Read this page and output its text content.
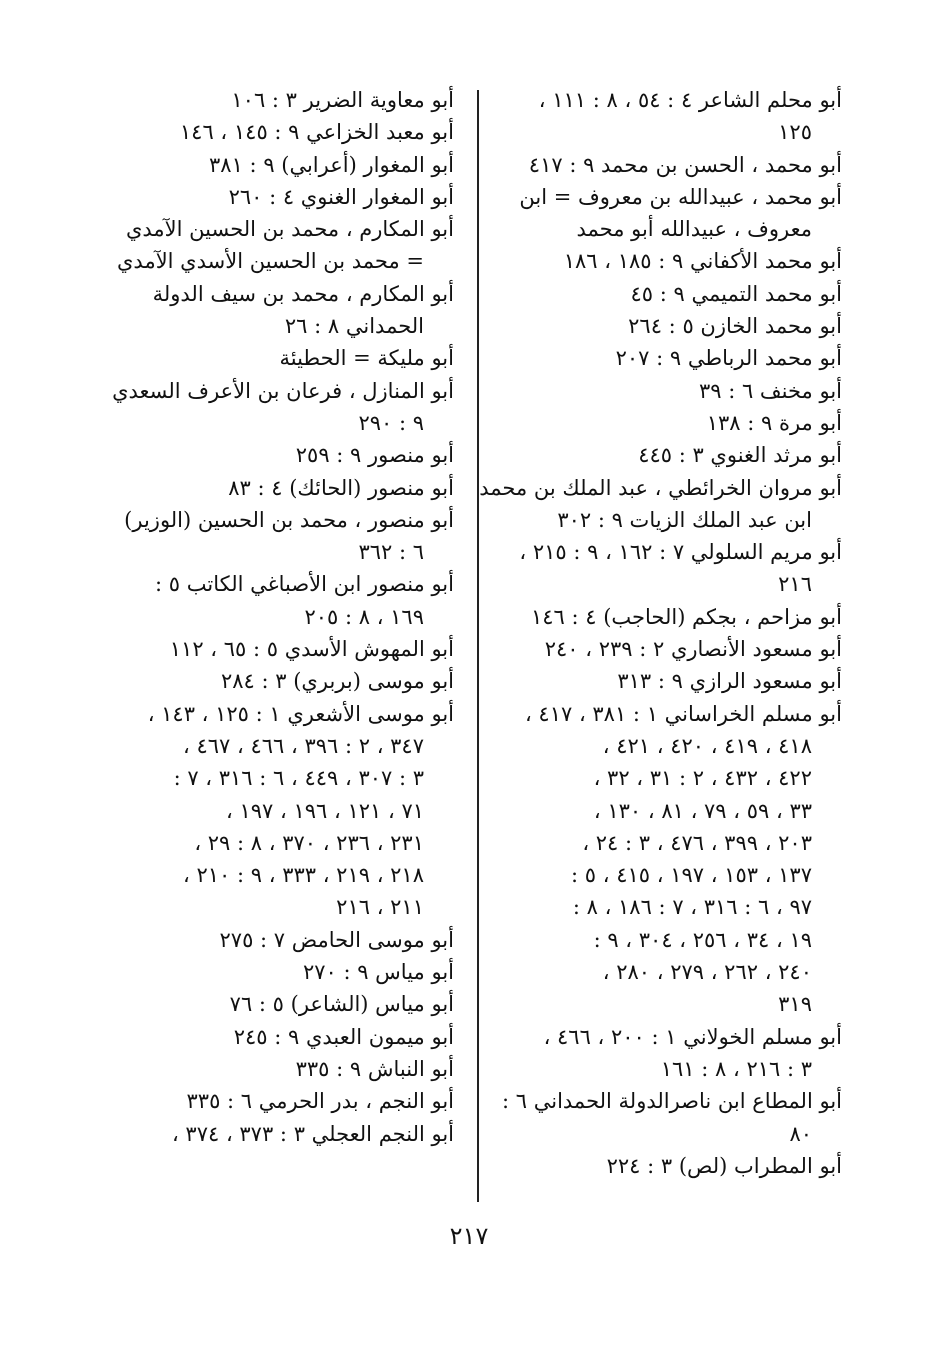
أبو محلم الشاعر ٤ : ٥٤ ، ٨ : ١١١ ،
١٢٥
أبو محمد ، الحسن بن محمد ٩ : ٤١٧
أبو محمد ، عبيدالله بن معروف = ابن
معروف ، عبيدالله أبو محمد
أبو محمد الأكفاني ٩ : ١٨٥ ، ١٨٦
أبو محمد التميمي ٩ : ٤٥
أبو محمد الخازن ٥ : ٢٦٤
أبو محمد الرباطي ٩ : ٢٠٧
أبو مخنف ٦ : ٣٩
أبو مرة ٩ : ١٣٨
أبو مرثد الغنوي ٣ : ٤٤٥
أبو مروان الخرائطي ، عبد الملك بن محمد
ابن عبد الملك الزيات ٩ : ٣٠٢
أبو مريم السلولي ٧ : ١٦٢ ، ٩ : ٢١٥ ،
٢١٦
أبو مزاحم ، بجكم (الحاجب) ٤ : ١٤٦
أبو مسعود الأنصاري ٢ : ٢٣٩ ، ٢٤٠
أبو مسعود الرازي ٩ : ٣١٣
أبو مسلم الخراساني ١ : ٣٨١ ، ٤١٧ ،
٤١٨ ، ٤١٩ ، ٤٢٠ ، ٤٢١ ،
٤٢٢ ، ٤٣٢ ، ٢ : ٣١ ، ٣٢ ،
٣٣ ، ٥٩ ، ٧٩ ، ٨١ ، ١٣٠ ،
٢٠٣ ، ٣٩٩ ، ٤٧٦ ، ٣ : ٢٤ ،
١٣٧ ، ١٥٣ ، ١٩٧ ، ٤١٥ ، ٥ :
٩٧ ، ٦ : ٣١٦ ، ٧ : ١٨٦ ، ٨ :
١٩ ، ٣٤ ، ٢٥٦ ، ٣٠٤ ، ٩ :
٢٤٠ ، ٢٦٢ ، ٢٧٩ ، ٢٨٠ ،
٣١٩
أبو مسلم الخولاني ١ : ٢٠٠ ، ٤٦٦ ،
٣ : ٢١٦ ، ٨ : ١٦١
أبو المطاع ابن ناصرالدولة الحمداني ٦ :
٨٠
أبو المطراب (لص) ٣ : ٢٢٤
أبو معاوية الضرير ٣ : ١٠٦
أبو معبد الخزاعي ٩ : ١٤٥ ، ١٤٦
أبو المغوار (أعرابي) ٩ : ٣٨١
أبو المغوار الغنوي ٤ : ٢٦٠
أبو المكارم ، محمد بن الحسين الآمدي
= محمد بن الحسين الأسدي الآمدي
أبو المكارم ، محمد بن سيف الدولة
الحمداني ٨ : ٢٦
أبو مليكة = الحطيئة
أبو المنازل ، فرعان بن الأعرف السعدي
٩ : ٢٩٠
أبو منصور ٩ : ٢٥٩
أبو منصور (الحائك) ٤ : ٨٣
أبو منصور ، محمد بن الحسين (الوزير)
٦ : ٣٦٢
أبو منصور ابن الأصباغي الكاتب ٥ :
١٦٩ ، ٨ : ٢٠٥
أبو المهوش الأسدي ٥ : ٦٥ ، ١١٢
أبو موسى (بربري) ٣ : ٢٨٤
أبو موسى الأشعري ١ : ١٢٥ ، ١٤٣ ،
٣٤٧ ، ٢ : ٣٩٦ ، ٤٦٦ ، ٤٦٧ ،
٣ : ٣٠٧ ، ٤٤٩ ، ٦ : ٣١٦ ، ٧ :
٧١ ، ١٢١ ، ١٩٦ ، ١٩٧ ،
٢٣١ ، ٢٣٦ ، ٣٧٠ ، ٨ : ٢٩ ،
٢١٨ ، ٢١٩ ، ٣٣٣ ، ٩ : ٢١٠ ،
٢١١ ، ٢١٦
أبو موسى الحامض ٧ : ٢٧٥
أبو مياس ٩ : ٢٧٠
أبو مياس (الشاعر) ٥ : ٧٦
أبو ميمون العبدي ٩ : ٢٤٥
أبو النباش ٩ : ٣٣٥
أبو النجم ، بدر الحرمي ٦ : ٣٣٥
أبو النجم العجلي ٣ : ٣٧٣ ، ٣٧٤ ،
٢١٧
